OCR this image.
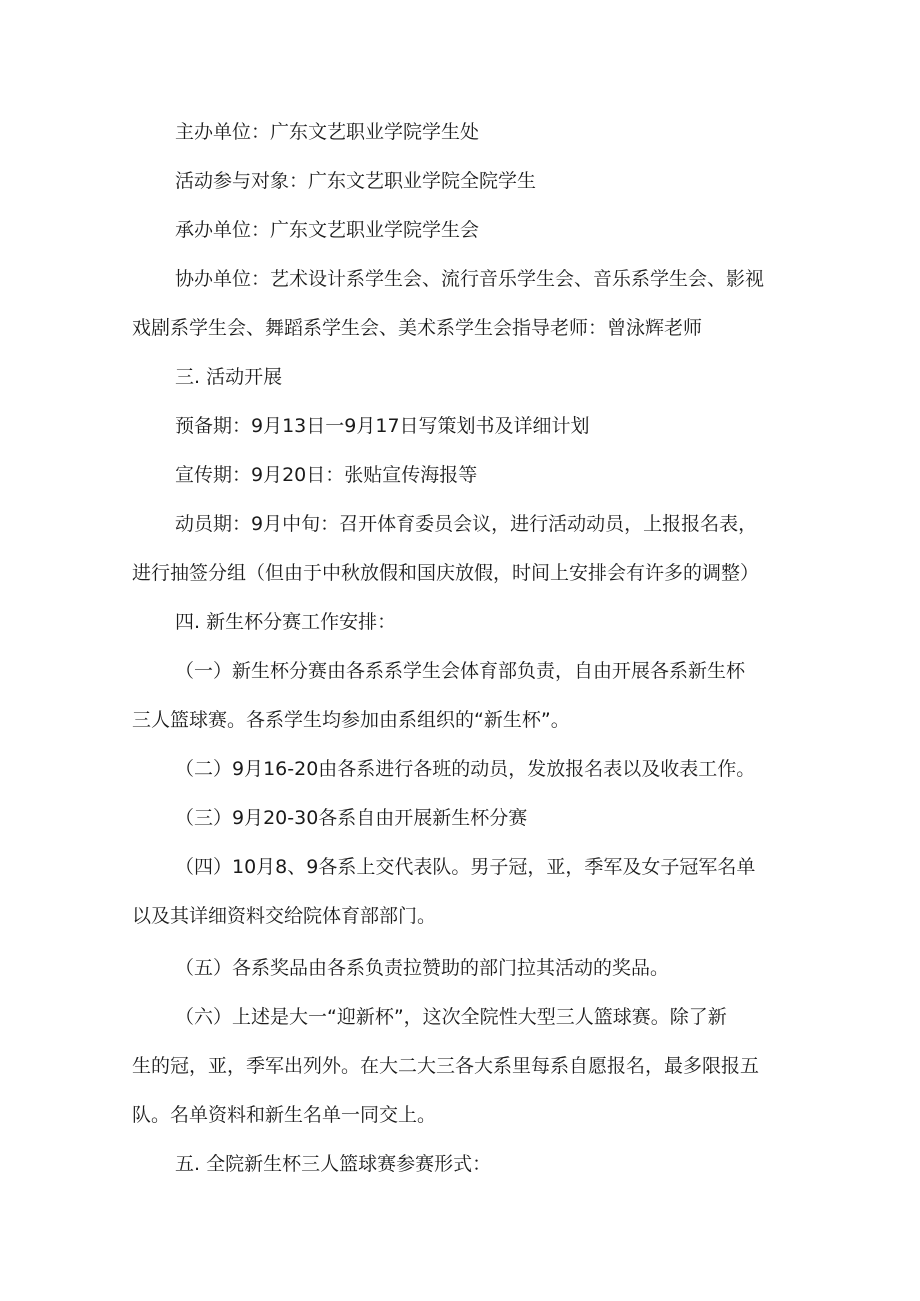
主办单位：广东文艺职业学院学生处

活动参与对象：广东文艺职业学院全院学生

承办单位：广东文艺职业学院学生会

协办单位：艺术设计系学生会、流行音乐学生会、音乐系学生会、影视

戏剧系学生会、舞蹈系学生会、美术系学生会指导老师：曾泳辉老师

三. 活动开展

预备期：9月13日一9月17日写策划书及详细计划

宣传期：9月20日：张贴宣传海报等

动员期：9月中旬：召开体育委员会议，进行活动动员，上报报名表，

进行抽签分组（但由于中秋放假和国庆放假，时间上安排会有许多的调整）

四. 新生杯分赛工作安排：

（一）新生杯分赛由各系系学生会体育部负责，自由开展各系新生杯

三人篮球赛。各系学生均参加由系组织的“新生杯”。

（二）9月16-20由各系进行各班的动员，发放报名表以及收表工作。

（三）9月20-30各系自由开展新生杯分赛

（四）10月8、9各系上交代表队。男子冠，亚，季军及女子冠军名单

以及其详细资料交给院体育部部门。

（五）各系奖品由各系负责拉赞助的部门拉其活动的奖品。

（六）上述是大一“迎新杯”，这次全院性大型三人篮球赛。除了新

生的冠，亚，季军出列外。在大二大三各大系里每系自愿报名，最多限报五

队。名单资料和新生名单一同交上。

五. 全院新生杯三人篮球赛参赛形式：
